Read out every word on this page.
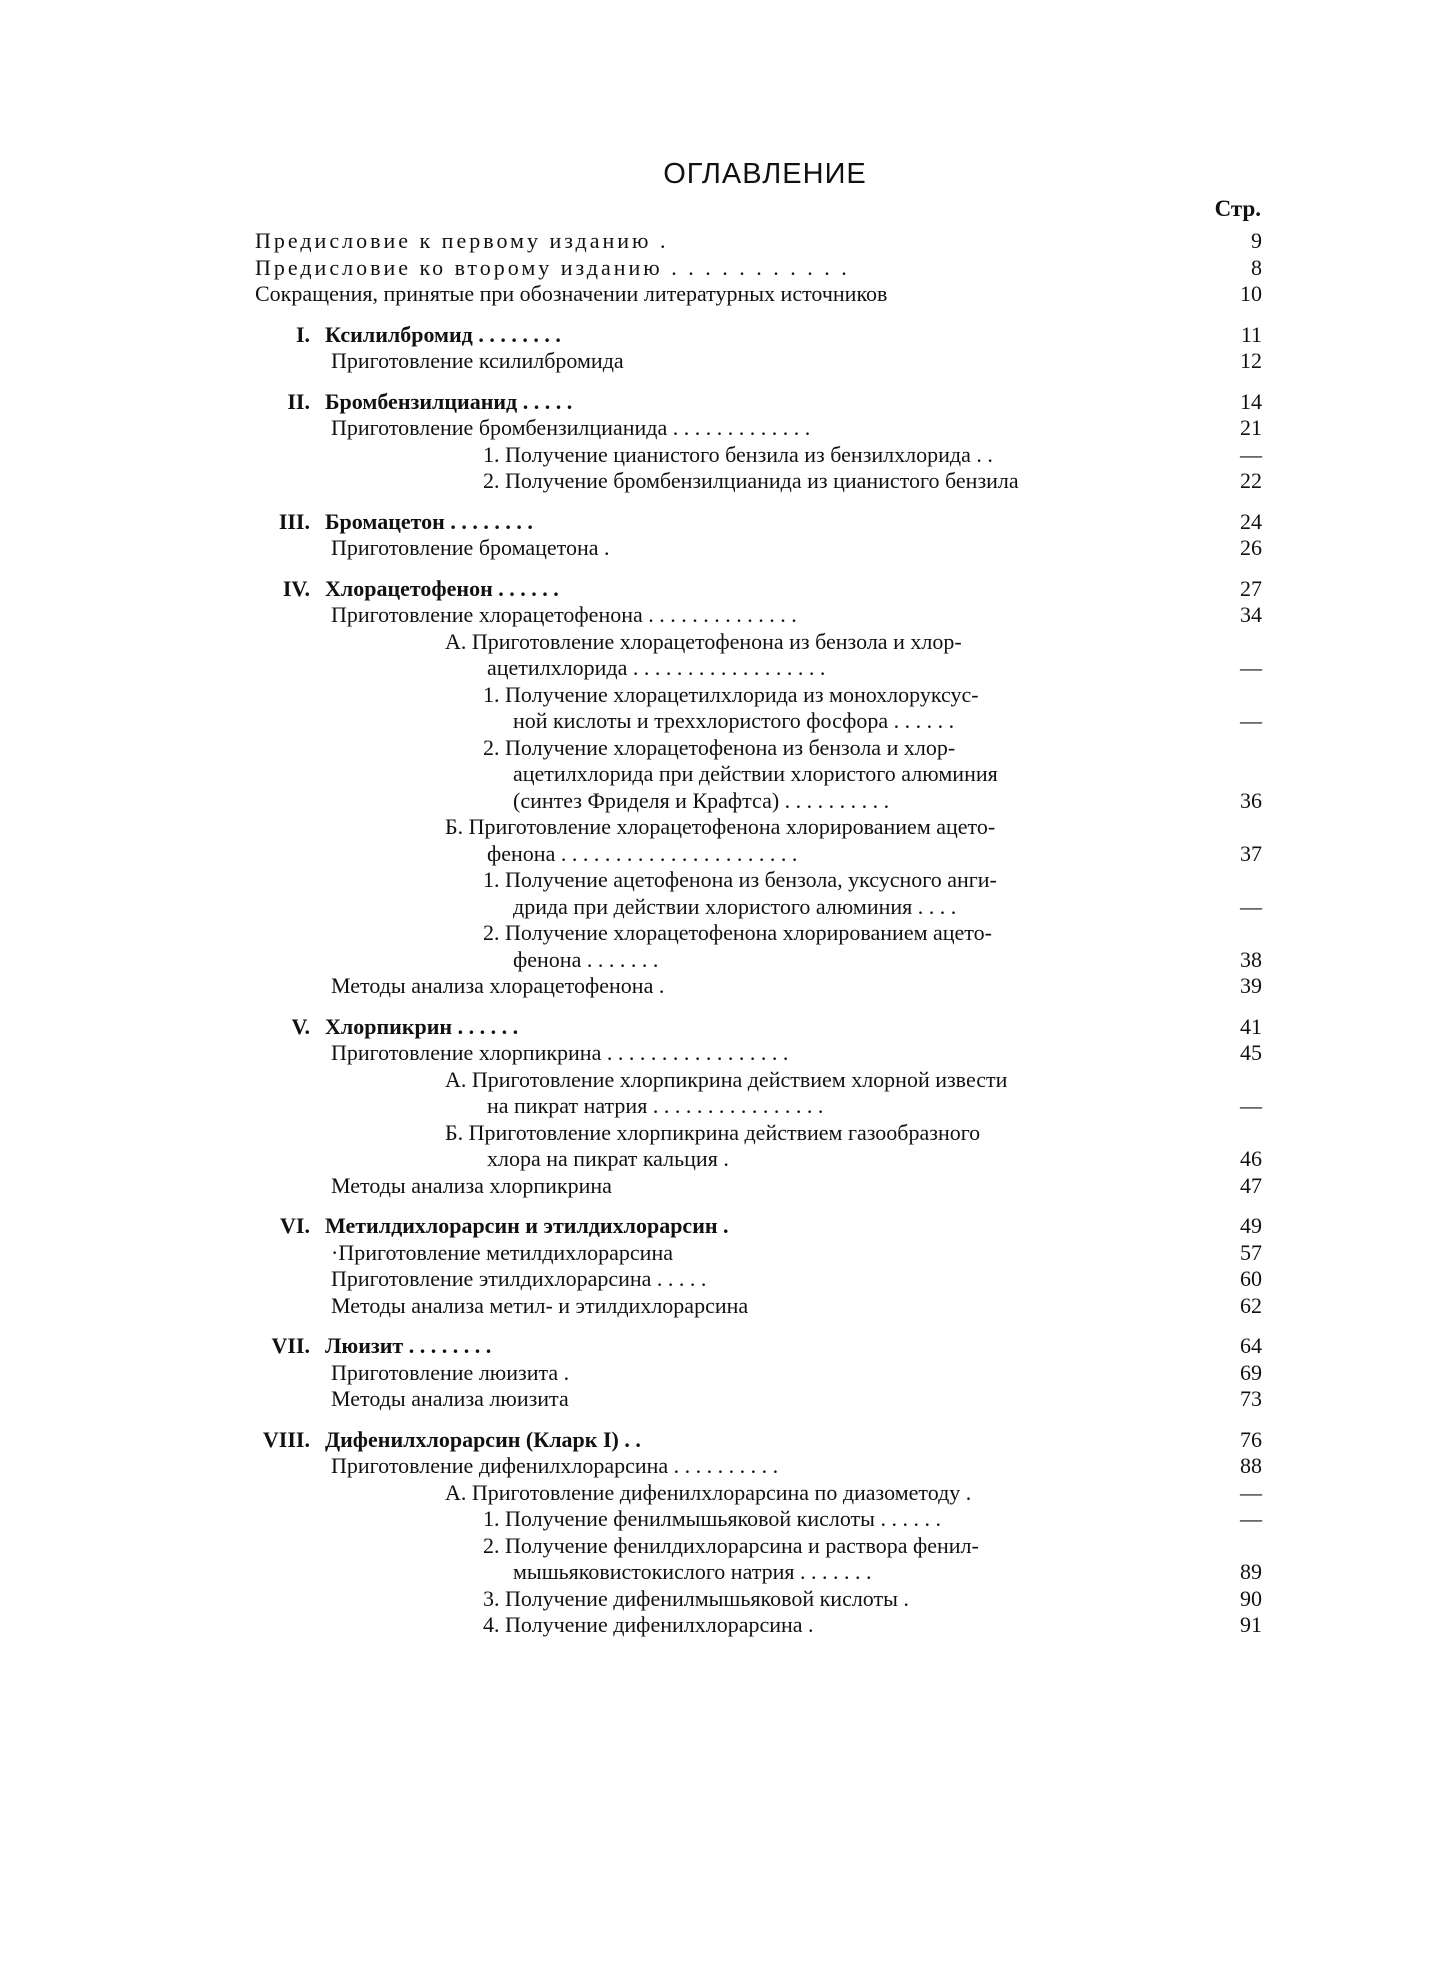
ОГЛАВЛЕНИЕ
Стр.
Предисловие к первому изданию .	9
Предисловие ко второму изданию . . . . . . . . . . .	8
Сокращения, принятые при обозначении литературных источников	10
I. Ксилилбромид . . . . . . . .	11
Приготовление ксилилбромида	12
II. Бромбензилцианид . . . . .	14
Приготовление бромбензилцианида . . . . . . . . . . . . .	21
1. Получение цианистого бензила из бензилхлорида . .	—
2. Получение бромбензилцианида из цианистого бензила	22
III. Бромацетон . . . . . . . .	24
Приготовление бромацетона .	26
IV. Хлорацетофенон . . . . . .	27
Приготовление хлорацетофенона . . . . . . . . . . . . . .	34
А. Приготовление хлорацетофенона из бензола и хлор-
ацетилхлорида . . . . . . . . . . . . . . . . . .	—
1. Получение хлорацетилхлорида из монохлоруксус-
ной кислоты и треххлористого фосфора . . . . . .	—
2. Получение хлорацетофенона из бензола и хлор-
ацетилхлорида при действии хлористого алюминия
(синтез Фриделя и Крафтса) . . . . . . . . . .	36
Б. Приготовление хлорацетофенона хлорированием ацето-
фенона . . . . . . . . . . . . . . . . . . . . . .	37
1. Получение ацетофенона из бензола, уксусного анги-
дрида при действии хлористого алюминия . . . .	—
2. Получение хлорацетофенона хлорированием ацето-
фенона . . . . . . .	38
Методы анализа хлорацетофенона .	39
V. Хлорпикрин . . . . . .	41
Приготовление хлорпикрина . . . . . . . . . . . . . . . . .	45
А. Приготовление хлорпикрина действием хлорной извести
на пикрат натрия . . . . . . . . . . . . . . . .	—
Б. Приготовление хлорпикрина действием газообразного
хлора на пикрат кальция .	46
Методы анализа хлорпикрина	47
VI. Метилдихлорарсин и этилдихлорарсин .	49
·Приготовление метилдихлорарсина	57
Приготовление этилдихлорарсина . . . . .	60
Методы анализа метил- и этилдихлорарсина	62
VII. Люизит . . . . . . . .	64
Приготовление люизита .	69
Методы анализа люизита	73
VIII. Дифенилхлорарсин (Кларк I) . .	76
Приготовление дифенилхлорарсина . . . . . . . . . .	88
А. Приготовление дифенилхлорарсина по диазометоду .	—
1. Получение фенилмышьяковой кислоты . . . . . .	—
2. Получение фенилдихлорарсина и раствора фенил-
мышьяковистокислого натрия . . . . . . .	89
3. Получение дифенилмышьяковой кислоты .	90
4. Получение дифенилхлорарсина .	91
